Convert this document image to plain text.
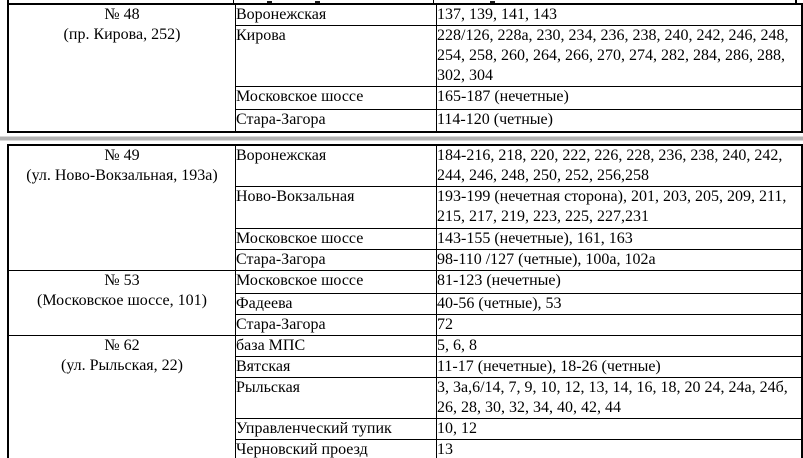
№ 48
(пр. Кирова, 252)	Воронежская	137, 139, 141, 143
	Кирова	228/126, 228а, 230, 234, 236, 238, 240, 242, 246, 248, 254, 258, 260, 264, 266, 270, 274, 282, 284, 286, 288, 302, 304
	Московское шоссе	165-187 (нечетные)
	Стара-Загора	114-120 (четные)
№ 49
(ул. Ново-Вокзальная, 193а)	Воронежская	184-216, 218, 220, 222, 226, 228, 236, 238, 240, 242, 244, 246, 248, 250, 252, 256,258
	Ново-Вокзальная	193-199 (нечетная сторона), 201, 203, 205, 209, 211, 215, 217, 219, 223, 225, 227,231
	Московское шоссе	143-155 (нечетные), 161, 163
	Стара-Загора	98-110 /127 (четные), 100а, 102а

№ 53
(Московское шоссе, 101)	Московское шоссе	81-123 (нечетные)
	Фадеева	40-56 (четные), 53
	Стара-Загора	72

№ 62
(ул. Рыльская, 22)	база МПС	5, 6, 8
	Вятская	11-17 (нечетные), 18-26 (четные)
	Рыльская	3, 3а,6/14, 7, 9, 10, 12, 13, 14, 16, 18, 20 24, 24а, 24б, 26, 28, 30, 32, 34, 40, 42, 44
	Управленческий тупик	10, 12
	Черновский проезд	13
